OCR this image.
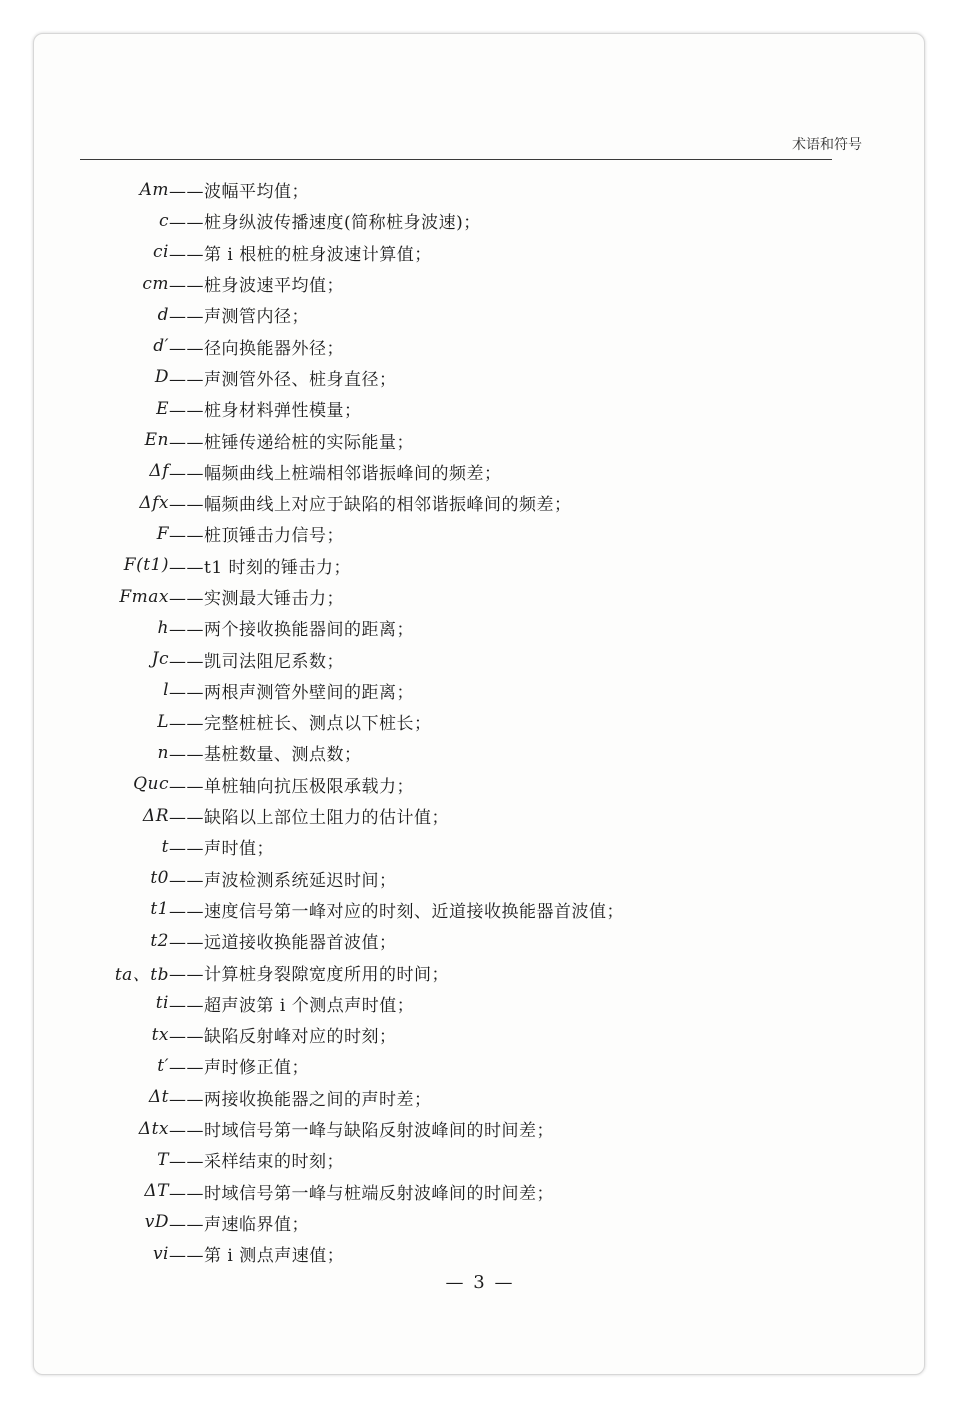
术语和符号
Am ——波幅平均值；
c ——桩身纵波传播速度(简称桩身波速)；
ci ——第 i 根桩的桩身波速计算值；
cm ——桩身波速平均值；
d ——声测管内径；
d′ ——径向换能器外径；
D ——声测管外径、桩身直径；
E ——桩身材料弹性模量；
En ——桩锤传递给桩的实际能量；
Δf ——幅频曲线上桩端相邻谐振峰间的频差；
Δfx ——幅频曲线上对应于缺陷的相邻谐振峰间的频差；
F ——桩顶锤击力信号；
F(t1) ——t1 时刻的锤击力；
Fmax ——实测最大锤击力；
h ——两个接收换能器间的距离；
Jc ——凯司法阻尼系数；
l ——两根声测管外壁间的距离；
L ——完整桩桩长、测点以下桩长；
n ——基桩数量、测点数；
Quc ——单桩轴向抗压极限承载力；
ΔR ——缺陷以上部位土阻力的估计值；
t ——声时值；
t0 ——声波检测系统延迟时间；
t1 ——速度信号第一峰对应的时刻、近道接收换能器首波值；
t2 ——远道接收换能器首波值；
ta、tb ——计算桩身裂隙宽度所用的时间；
ti ——超声波第 i 个测点声时值；
tx ——缺陷反射峰对应的时刻；
t′ ——声时修正值；
Δt ——两接收换能器之间的声时差；
Δtx ——时域信号第一峰与缺陷反射波峰间的时间差；
T ——采样结束的时刻；
ΔT ——时域信号第一峰与桩端反射波峰间的时间差；
vD ——声速临界值；
vi ——第 i 测点声速值；
— 3 —
